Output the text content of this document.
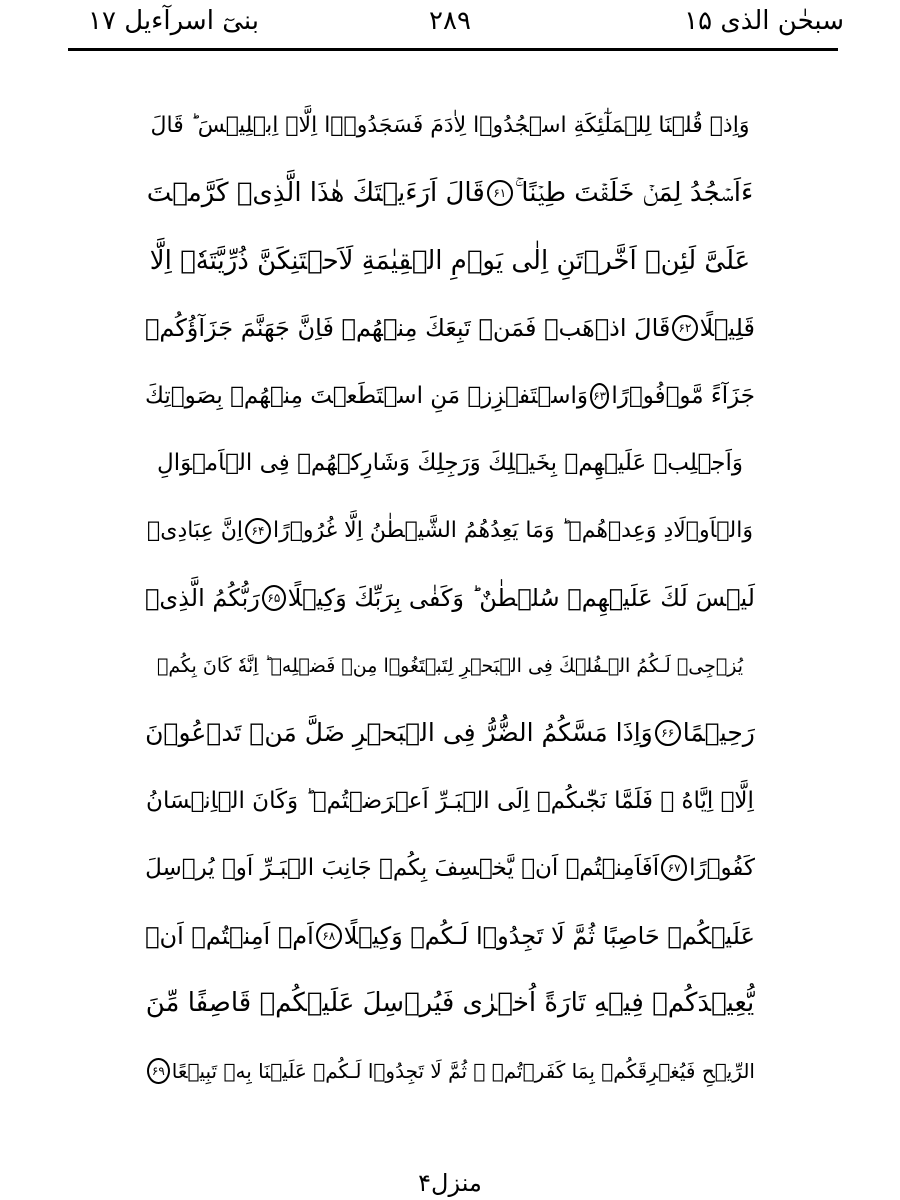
بنیٓ اسرآءیل ۱۷	۲۸۹	سبحٰن الذی ۱۵
وَاِذۡ قُلۡنَا لِلۡمَلٰٓئِكَةِ اسۡجُدُوۡا لِاٰدَمَ فَسَجَدُوۡۤا اِلَّاۤ اِبۡلِيۡسَ ؕ قَالَ
ءَاَسۡجُدُ لِمَنۡ خَلَقۡتَ طِيۡنًا ۚ
۶۱
قَالَ اَرَءَيۡتَكَ هٰذَا الَّذِىۡ كَرَّمۡتَ
عَلَىَّ لَئِنۡ اَخَّرۡتَنِ اِلٰى يَوۡمِ الۡقِيٰمَةِ لَاَحۡتَنِكَنَّ ذُرِّيَّتَهٗۤ اِلَّا
قَلِيۡلًا
۶۲
قَالَ اذۡهَبۡ فَمَنۡ تَبِعَكَ مِنۡهُمۡ فَاِنَّ جَهَنَّمَ جَزَآؤُكُمۡ
جَزَآءً مَّوۡفُوۡرًا
۶۳
وَاسۡتَفۡزِزۡ مَنِ اسۡتَطَعۡتَ مِنۡهُمۡ بِصَوۡتِكَ
وَاَجۡلِبۡ عَلَيۡهِمۡ بِخَيۡلِكَ وَرَجِلِكَ وَشَارِكۡهُمۡ فِى الۡاَمۡوَالِ
وَالۡاَوۡلَادِ وَعِدۡهُمۡ ؕ وَمَا يَعِدُهُمُ الشَّيۡطٰنُ اِلَّا غُرُوۡرًا
۶۴
اِنَّ عِبَادِىۡ
لَيۡسَ لَكَ عَلَيۡهِمۡ سُلۡطٰنٌ ؕ وَكَفٰى بِرَبِّكَ وَكِيۡلًا
۶۵
رَبُّكُمُ الَّذِىۡ
يُزۡجِىۡ لَـكُمُ الۡـفُلۡكَ فِى الۡبَحۡرِ لِتَبۡتَغُوۡا مِنۡ فَضۡلِهٖ ؕ اِنَّهٗ كَانَ بِكُمۡ
رَحِيۡمًا
۶۶
وَاِذَا مَسَّكُمُ الضُّرُّ فِى الۡبَحۡرِ ضَلَّ مَنۡ تَدۡعُوۡنَ
اِلَّاۤ اِيَّاهُ ۚ فَلَمَّا نَجّٰٮكُمۡ اِلَى الۡبَـرِّ اَعۡرَضۡتُمۡ ؕ وَكَانَ الۡاِنۡسَانُ
كَفُوۡرًا
۶۷
اَفَاَمِنۡتُمۡ اَنۡ يَّخۡسِفَ بِكُمۡ جَانِبَ الۡبَـرِّ اَوۡ يُرۡسِلَ
عَلَيۡكُمۡ حَاصِبًا ثُمَّ لَا تَجِدُوۡا لَـكُمۡ وَكِيۡلًا
۶۸
اَمۡ اَمِنۡتُمۡ اَنۡ
يُّعِيۡدَكُمۡ فِيۡهِ تَارَةً اُخۡرٰى فَيُرۡسِلَ عَلَيۡكُمۡ قَاصِفًا مِّنَ
الرِّيۡحِ فَيُغۡرِقَكُمۡ بِمَا كَفَرۡتُمۡ ۙ ثُمَّ لَا تَجِدُوۡا لَـكُمۡ عَلَيۡنَا بِهٖ تَبِيۡعًا
۶۹
منزل۴
